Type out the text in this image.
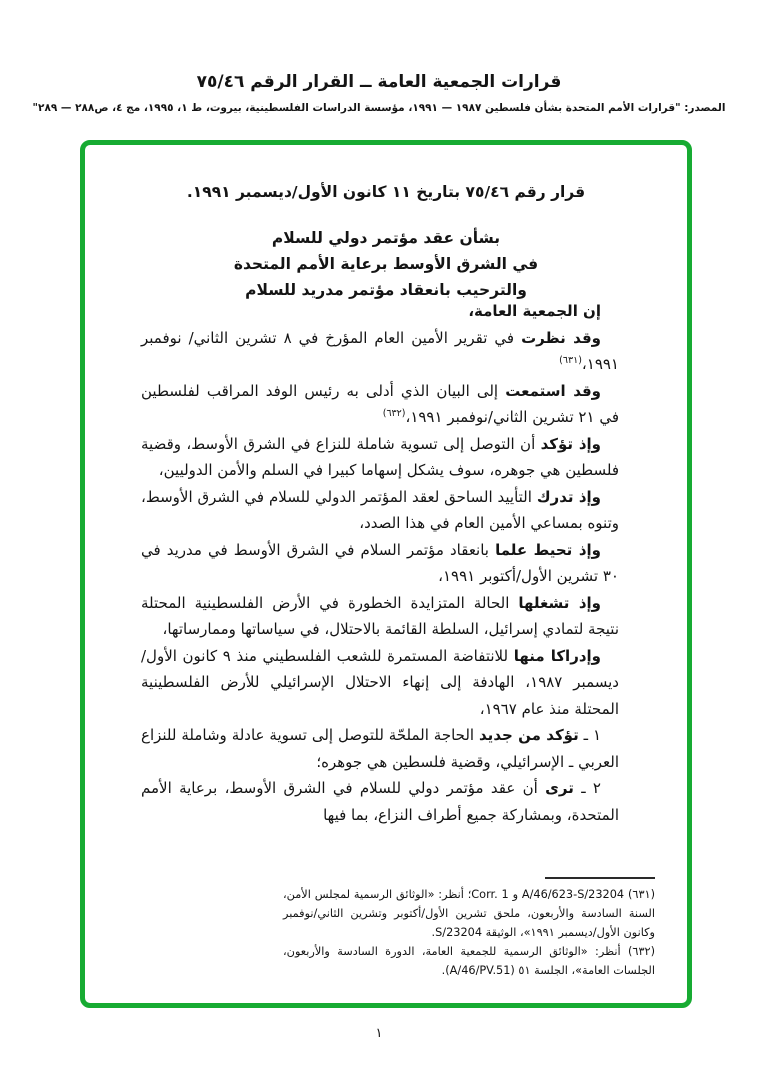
قرارات الجمعية العامة ــ القرار الرقم ٧٥/٤٦
المصدر: "قرارات الأمم المتحدة بشأن فلسطين ١٩٨٧ — ١٩٩١، مؤسسة الدراسات الفلسطينية، بيروت، ط ١، ١٩٩٥، مج ٤، ص٢٨٨ — ٢٨٩"
قرار رقم ٧٥/٤٦ بتاريخ ١١ كانون الأول/ديسمبر ١٩٩١.
بشأن عقد مؤتمر دولي للسلام
في الشرق الأوسط برعاية الأمم المتحدة
والترحيب بانعقاد مؤتمر مدريد للسلام

إن الجمعية العامة،

وقد نظرت في تقرير الأمين العام المؤرخ في ٨ تشرين الثاني/ نوفمبر ١٩٩١،$^{(٦٣١)}$

وقد استمعت إلى البيان الذي أدلى به رئيس الوفد المراقب لفلسطين في ٢١ تشرين الثاني/نوفمبر ١٩٩١،$^{(٦٣٢)}$

وإذ تؤكد أن التوصل إلى تسوية شاملة للنزاع في الشرق الأوسط، وقضية فلسطين هي جوهره، سوف يشكل إسهاما كبيرا في السلم والأمن الدوليين،

وإذ تدرك التأييد الساحق لعقد المؤتمر الدولي للسلام في الشرق الأوسط، وتنوه بمساعي الأمين العام في هذا الصدد،

وإذ تحيط علما بانعقاد مؤتمر السلام في الشرق الأوسط في مدريد في ٣٠ تشرين الأول/أكتوبر ١٩٩١،

وإذ تشغلها الحالة المتزايدة الخطورة في الأرض الفلسطينية المحتلة نتيجة لتمادي إسرائيل، السلطة القائمة بالاحتلال، في سياساتها وممارساتها،

وإدراكا منها للانتفاضة المستمرة للشعب الفلسطيني منذ ٩ كانون الأول/ديسمبر ١٩٨٧، الهادفة إلى إنهاء الاحتلال الإسرائيلي للأرض الفلسطينية المحتلة منذ عام ١٩٦٧،

١ ـ تؤكد من جديد الحاجة الملحّة للتوصل إلى تسوية عادلة وشاملة للنزاع العربي ـ الإسرائيلي، وقضية فلسطين هي جوهره؛

٢ ـ ترى أن عقد مؤتمر دولي للسلام في الشرق الأوسط، برعاية الأمم المتحدة، وبمشاركة جميع أطراف النزاع، بما فيها

(٦٣١) A/46/623-S/23204 و Corr. 1؛ أنظر: «الوثائق الرسمية لمجلس الأمن، السنة السادسة والأربعون، ملحق تشرين الأول/أكتوبر وتشرين الثاني/نوفمبر وكانون الأول/ديسمبر ١٩٩١»، الوثيقة S/23204.

(٦٣٢) أنظر: «الوثائق الرسمية للجمعية العامة، الدورة السادسة والأربعون، الجلسات العامة»، الجلسة ٥١ (A/46/PV.51).

١
